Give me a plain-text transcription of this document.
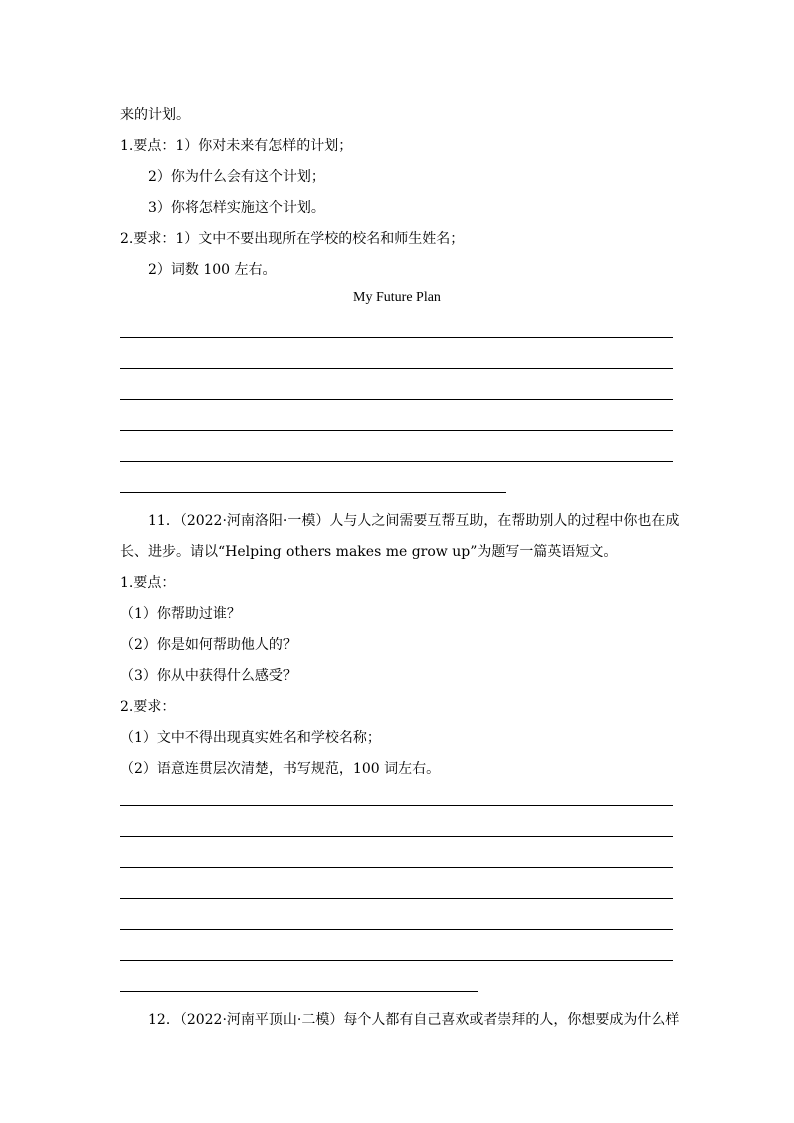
来的计划。
1.要点：1）你对未来有怎样的计划；
2）你为什么会有这个计划；
3）你将怎样实施这个计划。
2.要求：1）文中不要出现所在学校的校名和师生姓名；
2）词数 100 左右。
My Future Plan
11．（2022·河南洛阳·一模）人与人之间需要互帮互助，在帮助别人的过程中你也在成
长、进步。请以“Helping others makes me grow up”为题写一篇英语短文。
1.要点：
（1）你帮助过谁？
（2）你是如何帮助他人的？
（3）你从中获得什么感受？
2.要求：
（1）文中不得出现真实姓名和学校名称；
（2）语意连贯层次清楚，书写规范，100 词左右。
12．（2022·河南平顶山·二模）每个人都有自己喜欢或者崇拜的人，你想要成为什么样
